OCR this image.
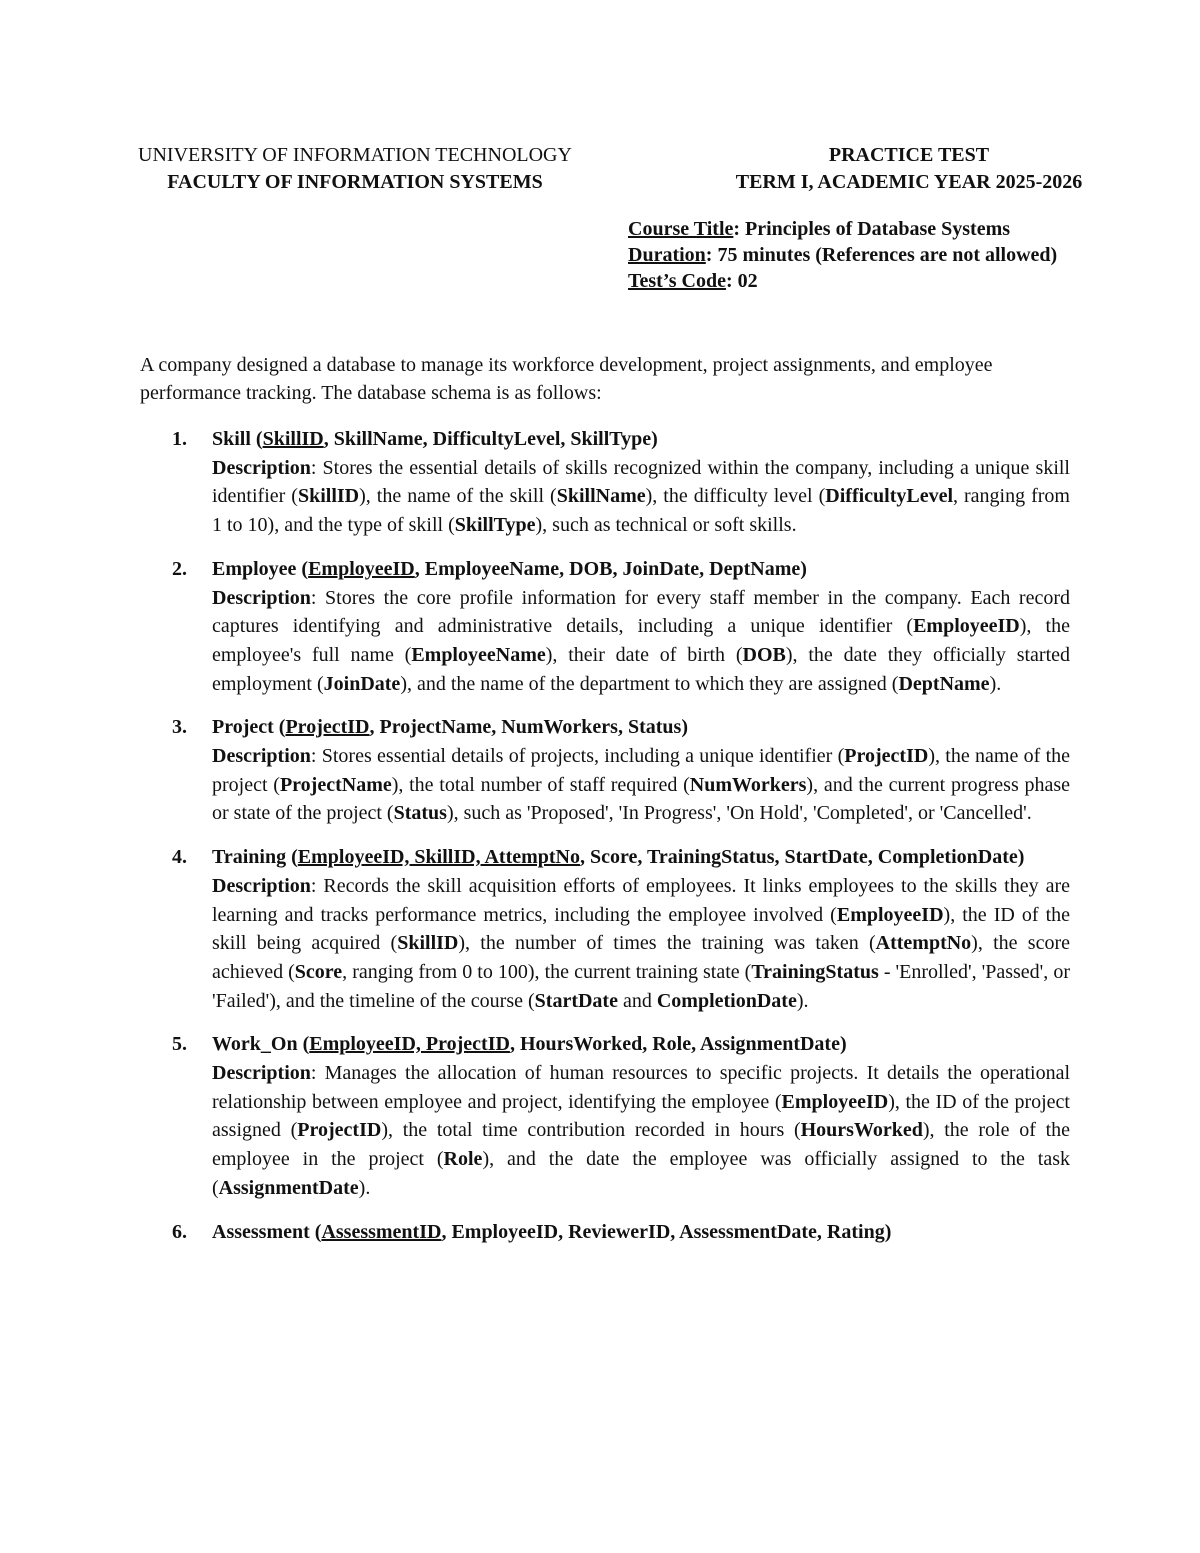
UNIVERSITY OF INFORMATION TECHNOLOGY
FACULTY OF INFORMATION SYSTEMS
PRACTICE TEST
TERM I, ACADEMIC YEAR 2025-2026
Course Title: Principles of Database Systems
Duration: 75 minutes (References are not allowed)
Test’s Code: 02
A company designed a database to manage its workforce development, project assignments, and employee performance tracking. The database schema is as follows:
1. Skill (SkillID, SkillName, DifficultyLevel, SkillType)
Description: Stores the essential details of skills recognized within the company, including a unique skill identifier (SkillID), the name of the skill (SkillName), the difficulty level (DifficultyLevel, ranging from 1 to 10), and the type of skill (SkillType), such as technical or soft skills.
2. Employee (EmployeeID, EmployeeName, DOB, JoinDate, DeptName)
Description: Stores the core profile information for every staff member in the company. Each record captures identifying and administrative details, including a unique identifier (EmployeeID), the employee's full name (EmployeeName), their date of birth (DOB), the date they officially started employment (JoinDate), and the name of the department to which they are assigned (DeptName).
3. Project (ProjectID, ProjectName, NumWorkers, Status)
Description: Stores essential details of projects, including a unique identifier (ProjectID), the name of the project (ProjectName), the total number of staff required (NumWorkers), and the current progress phase or state of the project (Status), such as 'Proposed', 'In Progress', 'On Hold', 'Completed', or 'Cancelled'.
4. Training (EmployeeID, SkillID, AttemptNo, Score, TrainingStatus, StartDate, CompletionDate)
Description: Records the skill acquisition efforts of employees. It links employees to the skills they are learning and tracks performance metrics, including the employee involved (EmployeeID), the ID of the skill being acquired (SkillID), the number of times the training was taken (AttemptNo), the score achieved (Score, ranging from 0 to 100), the current training state (TrainingStatus - 'Enrolled', 'Passed', or 'Failed'), and the timeline of the course (StartDate and CompletionDate).
5. Work_On (EmployeeID, ProjectID, HoursWorked, Role, AssignmentDate)
Description: Manages the allocation of human resources to specific projects. It details the operational relationship between employee and project, identifying the employee (EmployeeID), the ID of the project assigned (ProjectID), the total time contribution recorded in hours (HoursWorked), the role of the employee in the project (Role), and the date the employee was officially assigned to the task (AssignmentDate).
6. Assessment (AssessmentID, EmployeeID, ReviewerID, AssessmentDate, Rating)
